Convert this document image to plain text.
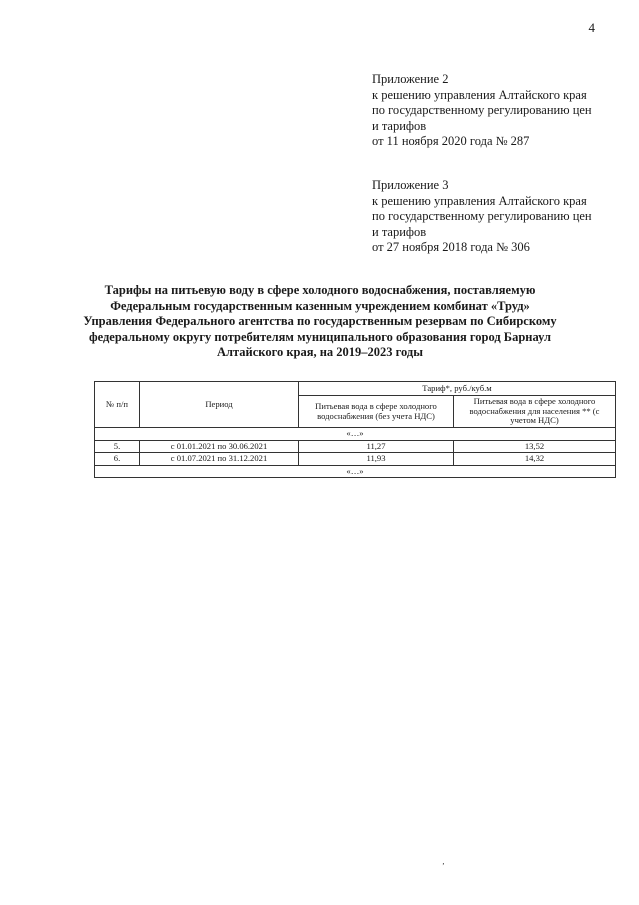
4
Приложение 2
к решению управления Алтайского края
по государственному регулированию цен
и тарифов
от 11 ноября 2020 года № 287
Приложение 3
к решению управления Алтайского края
по государственному регулированию цен
и тарифов
от 27 ноября 2018 года № 306
Тарифы на питьевую воду в сфере холодного водоснабжения, поставляемую Федеральным государственным казенным учреждением комбинат «Труд» Управления Федерального агентства по государственным резервам по Сибирскому федеральному округу потребителям муниципального образования город Барнаул Алтайского края, на 2019–2023 годы
№ п/п	Период	Тариф*, руб./куб.м	
		Питьевая вода в сфере холодного водоснабжения (без учета НДС)	Питьевая вода в сфере холодного водоснабжения для населения ** (с учетом НДС)
«…»			
5.	с 01.01.2021 по 30.06.2021	11,27	13,52
6.	с 01.07.2021 по 31.12.2021	11,93	14,32
«…»			
‚
